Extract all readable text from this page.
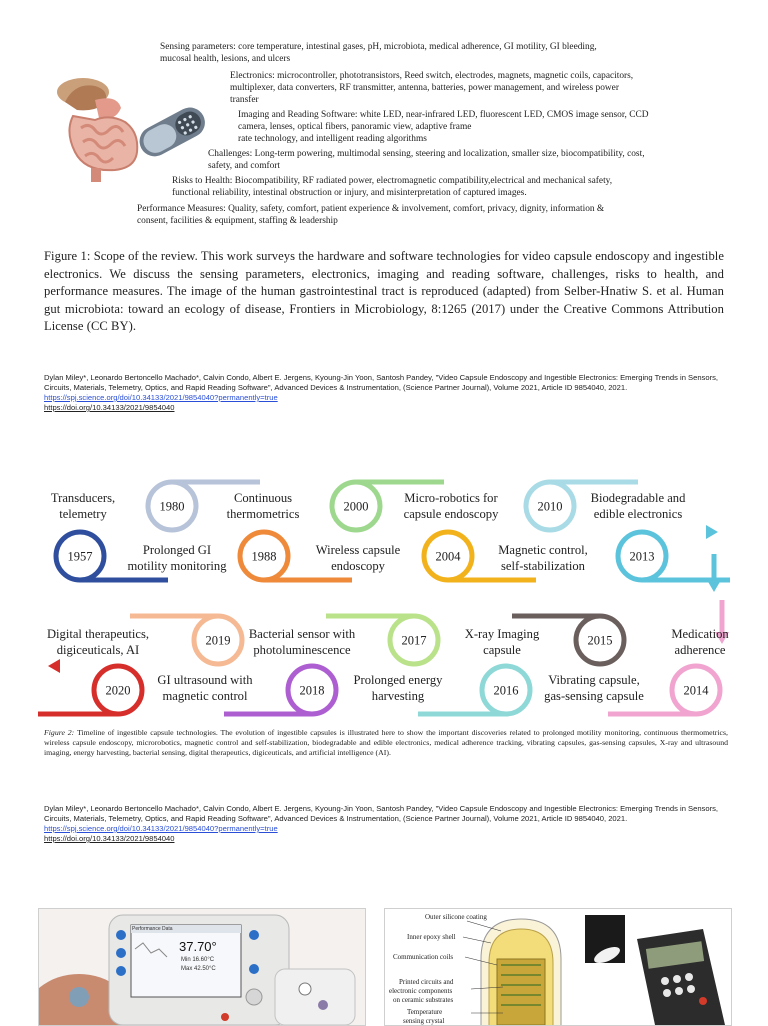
Sensing parameters: core temperature, intestinal gases, pH, microbiota, medical adherence, GI motility, GI bleeding,
mucosal health, lesions, and ulcers
Electronics: microcontroller, phototransistors, Reed switch, electrodes, magnets, magnetic coils, capacitors,
multiplexer, data converters, RF transmitter, antenna, batteries, power management, and wireless power
transfer
Imaging and Reading Software: white LED, near-infrared LED, fluorescent LED, CMOS image sensor, CCD
camera, lenses, optical fibers, panoramic view, adaptive frame
rate technology, and intelligent reading algorithms
Challenges: Long-term powering, multimodal sensing, steering and localization, smaller size, biocompatibility, cost,
safety, and comfort
Risks to Health: Biocompatibility, RF radiated power, electromagnetic compatibility,electrical and mechanical safety,
functional reliability, intestinal obstruction or injury, and misinterpretation of captured images.
Performance Measures: Quality, safety, comfort, patient experience & involvement, comfort, privacy, dignity, information &
consent, facilities & equipment, staffing & leadership
Figure 1: Scope of the review. This work surveys the hardware and software technologies for video capsule endoscopy and ingestible electronics. We discuss the sensing parameters, electronics, imaging and reading software, challenges, risks to health, and performance measures. The image of the human gastrointestinal tract is reproduced (adapted) from Selber-Hnatiw S. et al. Human gut microbiota: toward an ecology of disease, Frontiers in Microbiology, 8:1265 (2017) under the Creative Commons Attribution License (CC BY).
Dylan Miley*, Leonardo Bertoncello Machado*, Calvin Condo, Albert E. Jergens, Kyoung-Jin Yoon, Santosh Pandey, "Video Capsule Endoscopy and Ingestible Electronics: Emerging Trends in Sensors, Circuits, Materials, Telemetry, Optics, and Rapid Reading Software", Advanced Devices & Instrumentation, (Science Partner Journal), Volume 2021, Article ID 9854040, 2021. https://spj.science.org/doi/10.34133/2021/9854040?permanently=true
https://doi.org/10.34133/2021/9854040
1957
1980
1988
2000
2004
2010
2013
2014
2015
2016
2017
2018
2019
2020
Transducers,
telemetry
Prolonged GI
motility monitoring
Continuous
thermometrics
Wireless capsule
endoscopy
Micro-robotics for
capsule endoscopy
Magnetic control,
self-stabilization
Biodegradable and
edible electronics
Medication
adherence
Vibrating capsule,
gas-sensing capsule
X-ray Imaging
capsule
Prolonged energy
harvesting
Bacterial sensor with
photoluminescence
GI ultrasound with
magnetic control
Digital therapeutics,
digiceuticals, AI
Figure 2: Timeline of ingestible capsule technologies. The evolution of ingestible capsules is illustrated here to show the important discoveries related to prolonged motility monitoring, continuous thermometrics, wireless capsule endoscopy, microrobotics, magnetic control and self-stabilization, biodegradable and edible electronics, medical adherence tracking, vibrating capsules, gas-sensing capsules, X-ray and ultrasound imaging, energy harvesting, bacterial sensing, digital therapeutics, digiceuticals, and artificial intelligence (AI).
Dylan Miley*, Leonardo Bertoncello Machado*, Calvin Condo, Albert E. Jergens, Kyoung-Jin Yoon, Santosh Pandey, "Video Capsule Endoscopy and Ingestible Electronics: Emerging Trends in Sensors, Circuits, Materials, Telemetry, Optics, and Rapid Reading Software", Advanced Devices & Instrumentation, (Science Partner Journal), Volume 2021, Article ID 9854040, 2021. https://spj.science.org/doi/10.34133/2021/9854040?permanently=true
https://doi.org/10.34133/2021/9854040
Performance Data
37.70°
Min 16.60°C
Max 42.50°C
Outer silicone coating
Inner epoxy shell
Communication coils
Printed circuits and
electronic components
on ceramic substrates
Temperature
sensing crystal
